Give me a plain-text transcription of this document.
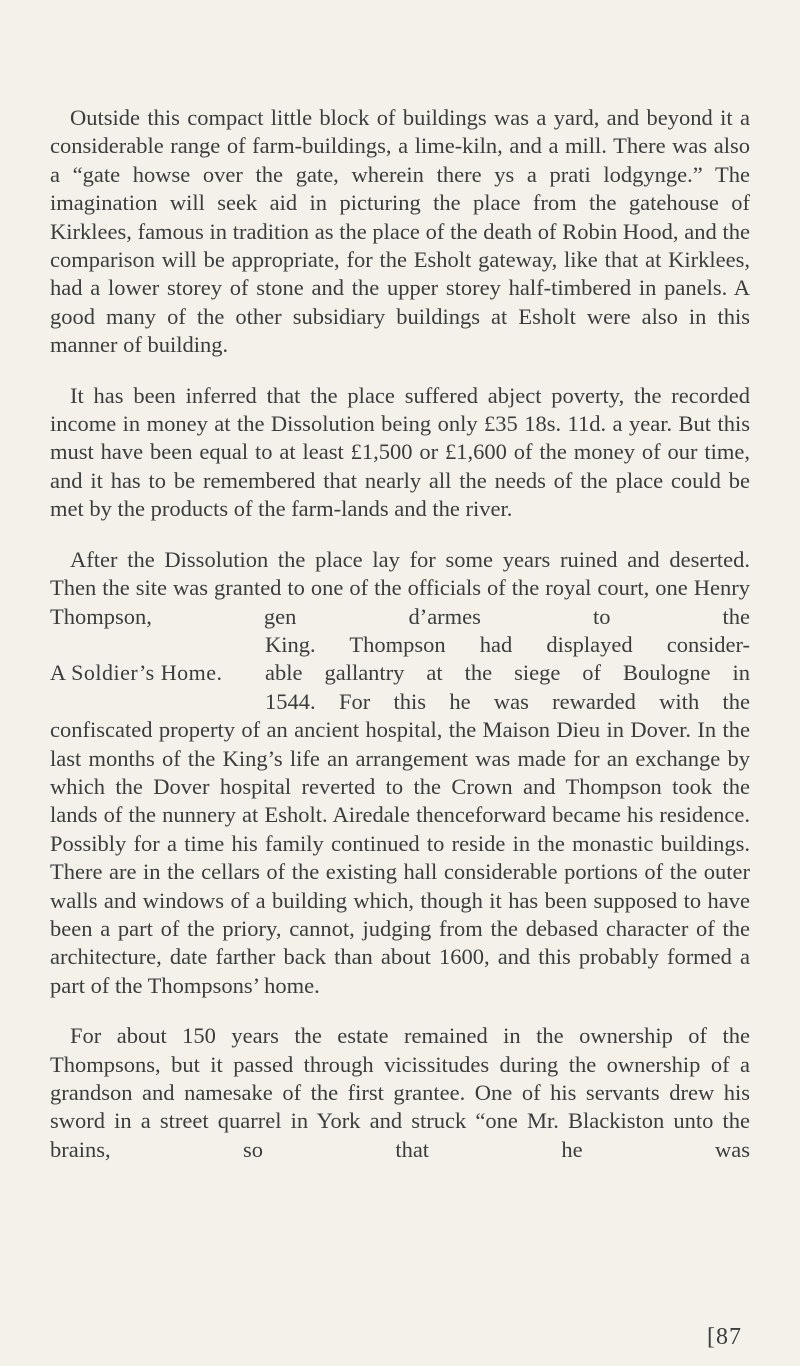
Outside this compact little block of buildings was a yard, and beyond it a considerable range of farm-buildings, a lime-kiln, and a mill. There was also a “gate howse over the gate, wherein there ys a prati lodgynge.” The imagination will seek aid in picturing the place from the gatehouse of Kirklees, famous in tradition as the place of the death of Robin Hood, and the comparison will be appropriate, for the Esholt gateway, like that at Kirklees, had a lower storey of stone and the upper storey half-timbered in panels. A good many of the other subsidiary buildings at Esholt were also in this manner of building.

It has been inferred that the place suffered abject poverty, the recorded income in money at the Dissolution being only £35 18s. 11d. a year. But this must have been equal to at least £1,500 or £1,600 of the money of our time, and it has to be remembered that nearly all the needs of the place could be met by the products of the farm-lands and the river.

After the Dissolution the place lay for some years ruined and deserted. Then the site was granted to one of the officials of the royal court, one Henry Thompson, gen d’armes to the

A Soldier’s Home.
King. Thompson had displayed consider-
able gallantry at the siege of Boulogne in
1544. For this he was rewarded with the
confiscated property of an ancient hospital, the Maison Dieu in Dover. In the last months of the King’s life an arrangement was made for an exchange by which the Dover hospital reverted to the Crown and Thompson took the lands of the nunnery at Esholt. Airedale thenceforward became his residence. Possibly for a time his family continued to reside in the monastic buildings. There are in the cellars of the existing hall considerable portions of the outer walls and windows of a building which, though it has been supposed to have been a part of the priory, cannot, judging from the debased character of the architecture, date farther back than about 1600, and this probably formed a part of the Thompsons’ home.

For about 150 years the estate remained in the ownership of the Thompsons, but it passed through vicissitudes during the ownership of a grandson and namesake of the first grantee. One of his servants drew his sword in a street quarrel in York and struck “one Mr. Blackiston unto the brains, so that he was

[87
